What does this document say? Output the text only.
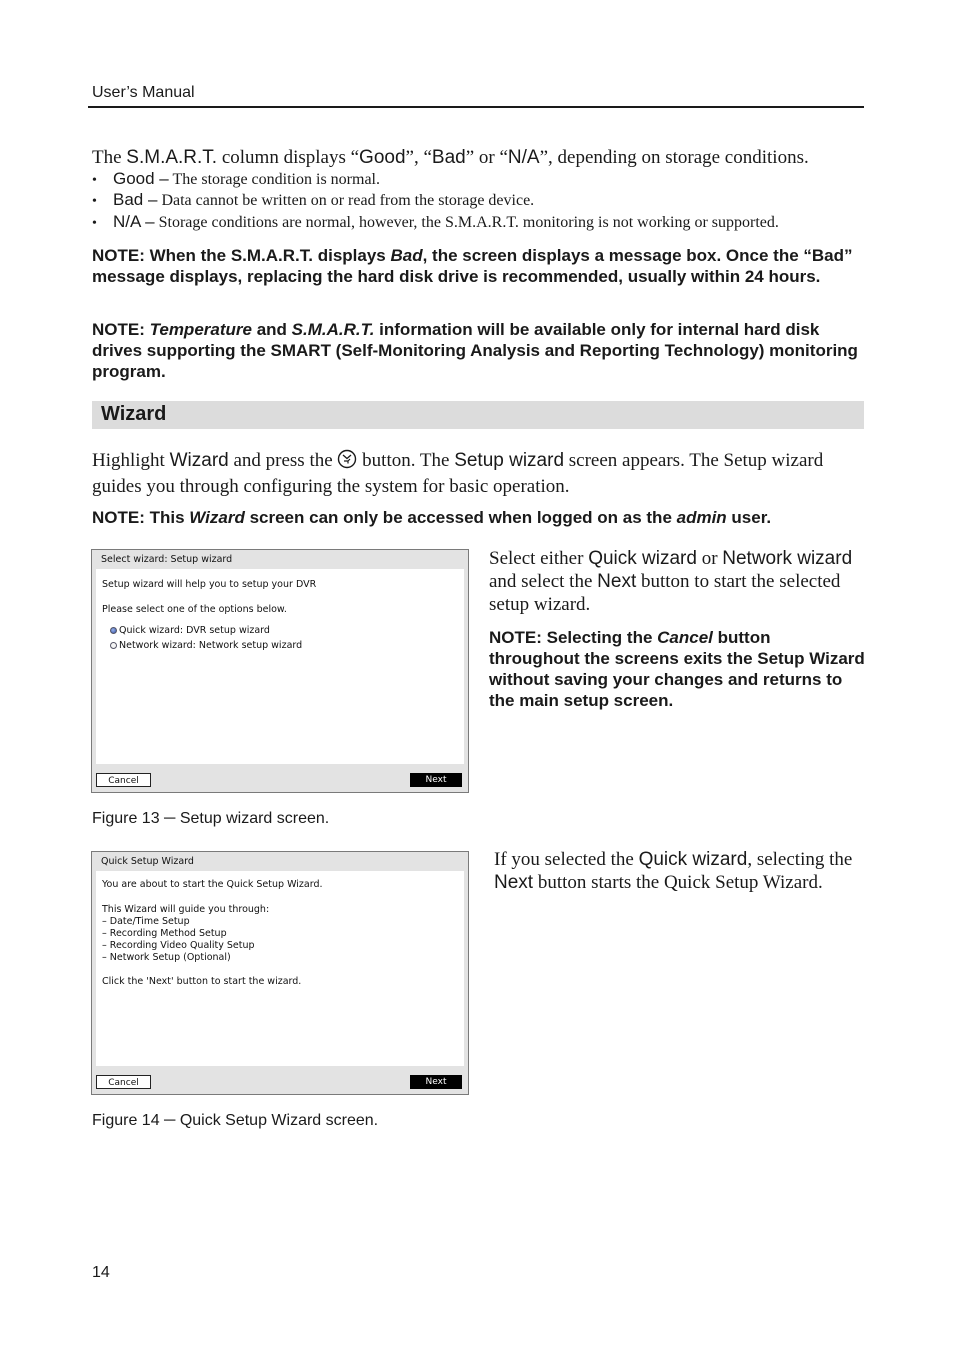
User’s Manual
The S.M.A.R.T. column displays “Good”, “Bad” or “N/A”, depending on storage conditions.
• Good – The storage condition is normal.
• Bad – Data cannot be written on or read from the storage device.
• N/A – Storage conditions are normal, however, the S.M.A.R.T. monitoring is not working or supported.
NOTE: When the S.M.A.R.T. displays Bad, the screen displays a message box. Once the “Bad” message displays, replacing the hard disk drive is recommended, usually within 24 hours.
NOTE: Temperature and S.M.A.R.T. information will be available only for internal hard disk drives supporting the SMART (Self-Monitoring Analysis and Reporting Technology) monitoring program.
Wizard
Highlight Wizard and press the  button. The Setup wizard screen appears. The Setup wizard guides you through configuring the system for basic operation.
NOTE: This Wizard screen can only be accessed when logged on as the admin user.
Select wizard: Setup wizard
Setup wizard will help you to setup your DVR
Please select one of the options below.
Quick wizard: DVR setup wizard
Network wizard: Network setup wizard
Cancel	Next
Select either Quick wizard or Network wizard and select the Next button to start the selected setup wizard.
NOTE: Selecting the Cancel button throughout the screens exits the Setup Wizard without saving your changes and returns to the main setup screen.
Figure 13 ─ Setup wizard screen.
Quick Setup Wizard
You are about to start the Quick Setup Wizard.
This Wizard will guide you through:
– Date/Time Setup
– Recording Method Setup
– Recording Video Quality Setup
– Network Setup (Optional)
Click the 'Next' button to start the wizard.
Cancel	Next
If you selected the Quick wizard, selecting the Next button starts the Quick Setup Wizard.
Figure 14 ─ Quick Setup Wizard screen.
14
